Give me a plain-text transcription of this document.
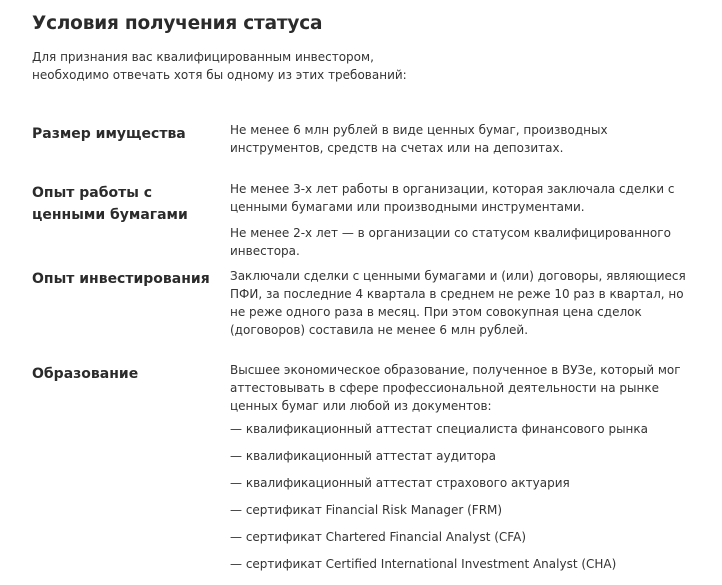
Условия получения статуса
Для признания вас квалифицированным инвестором, необходимо отвечать хотя бы одному из этих требований:
Размер имущества	Не менее 6 млн рублей в виде ценных бумаг, производных инструментов, средств на счетах или на депозитах.

Опыт работы с ценными бумагами

Не менее 3-х лет работы в организации, которая заключала сделки с ценными бумагами или производными инструментами.

Не менее 2-х лет — в организации со статусом квалифицированного инвестора.

Опыт инвестирования Заключали сделки с ценными бумагами и (или) договоры, являющиеся ПФИ, за последние 4 квартала в среднем не реже 10 раз в квартал, но не реже одного раза в месяц. При этом совокупная цена сделок (договоров) составила не менее 6 млн рублей.

Образование	Высшее экономическое образование, полученное в ВУЗе, который мог аттестовывать в сфере профессиональной деятельности на рынке ценных бумаг или любой из документов:

— квалификационный аттестат специалиста финансового рынка
— квалификационный аттестат аудитора
— квалификационный аттестат страхового актуария
— сертификат Financial Risk Manager (FRM)
— сертификат Chartered Financial Analyst (CFA)
— сертификат Certified International Investment Analyst (CHA)
